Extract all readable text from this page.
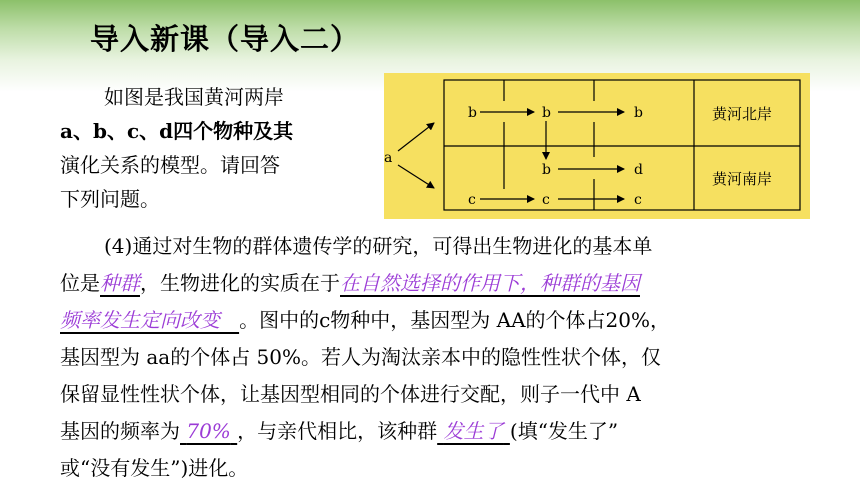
导入新课（导入二）

如图是我国黄河两岸

a、b、c、d四个物种及其

演化关系的模型。请回答

下列问题。

a
b	b	b
b	d
c	c	c
黄河北岸
黄河南岸

(4)通过对生物的群体遗传学的研究，可得出生物进化的基本单

位是种群，生物进化的实质在于在自然选择的作用下，种群的基因

频率发生定向改变 。图中的c物种中，基因型为 AA的个体占20%，

基因型为 aa的个体占 50%。若人为淘汰亲本中的隐性性状个体，仅

保留显性性状个体，让基因型相同的个体进行交配，则子一代中 A

基因的频率为 70% ，与亲代相比，该种群 发生了 (填“发生了”

或“没有发生”)进化。
